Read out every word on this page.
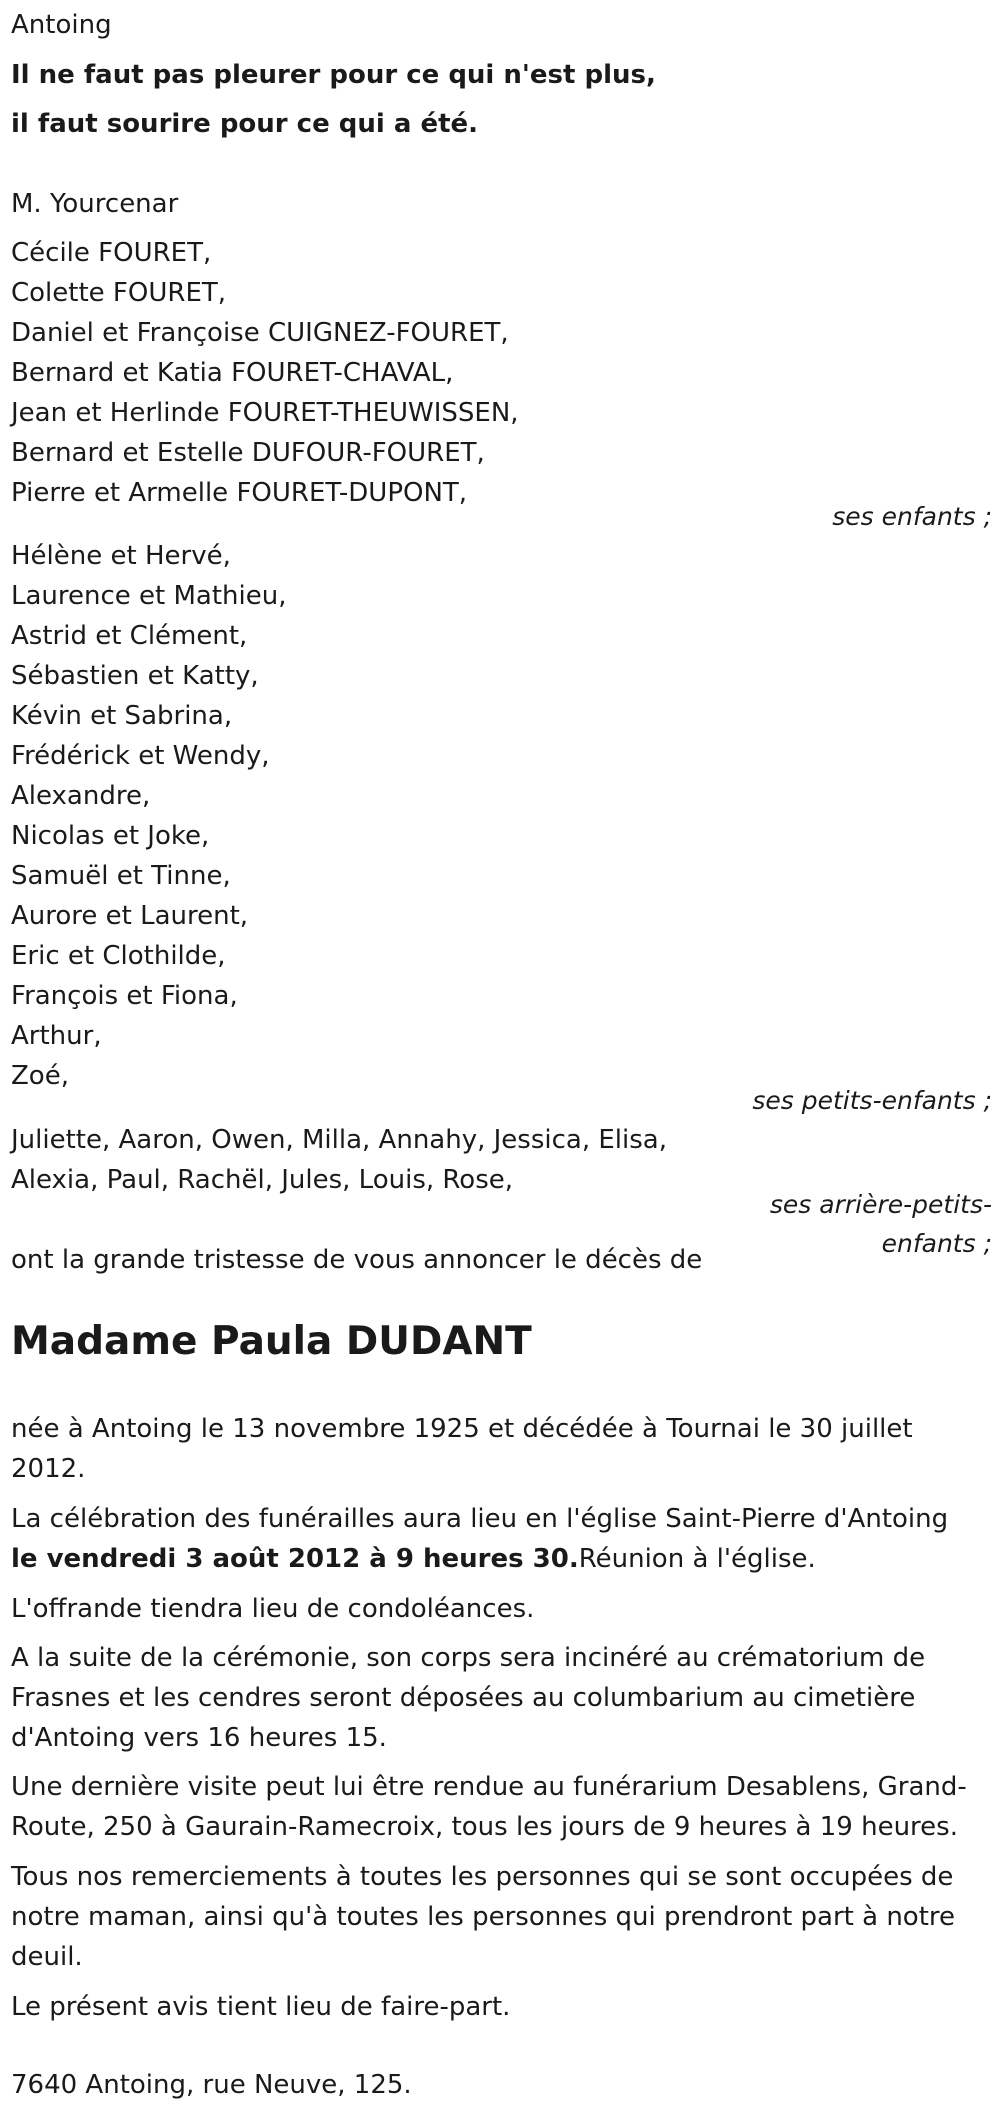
Antoing
Il ne faut pas pleurer pour ce qui n'est plus,
il faut sourire pour ce qui a été.
M. Yourcenar
Cécile FOURET,
Colette FOURET,
Daniel et Françoise CUIGNEZ-FOURET,
Bernard et Katia FOURET-CHAVAL,
Jean et Herlinde FOURET-THEUWISSEN,
Bernard et Estelle DUFOUR-FOURET,
Pierre et Armelle FOURET-DUPONT,
ses enfants ;
Hélène et Hervé,
Laurence et Mathieu,
Astrid et Clément,
Sébastien et Katty,
Kévin et Sabrina,
Frédérick et Wendy,
Alexandre,
Nicolas et Joke,
Samuël et Tinne,
Aurore et Laurent,
Eric et Clothilde,
François et Fiona,
Arthur,
Zoé,
ses petits-enfants ;
Juliette, Aaron, Owen, Milla, Annahy, Jessica, Elisa,
Alexia, Paul, Rachël, Jules, Louis, Rose,
ses arrière-petits-
enfants ;
ont la grande tristesse de vous annoncer le décès de
Madame Paula DUDANT
née à Antoing le 13 novembre 1925 et décédée à Tournai le 30 juillet 2012.
La célébration des funérailles aura lieu en l'église Saint-Pierre d'Antoing
le vendredi 3 août 2012 à 9 heures 30.Réunion à l'église.
L'offrande tiendra lieu de condoléances.
A la suite de la cérémonie, son corps sera incinéré au crématorium de Frasnes et les cendres seront déposées au columbarium au cimetière d'Antoing vers 16 heures 15.
Une dernière visite peut lui être rendue au funérarium Desablens, Grand-Route, 250 à Gaurain-Ramecroix, tous les jours de 9 heures à 19 heures.
Tous nos remerciements à toutes les personnes qui se sont occupées de notre maman, ainsi qu'à toutes les personnes qui prendront part à notre deuil.
Le présent avis tient lieu de faire-part.
7640 Antoing, rue Neuve, 125.
